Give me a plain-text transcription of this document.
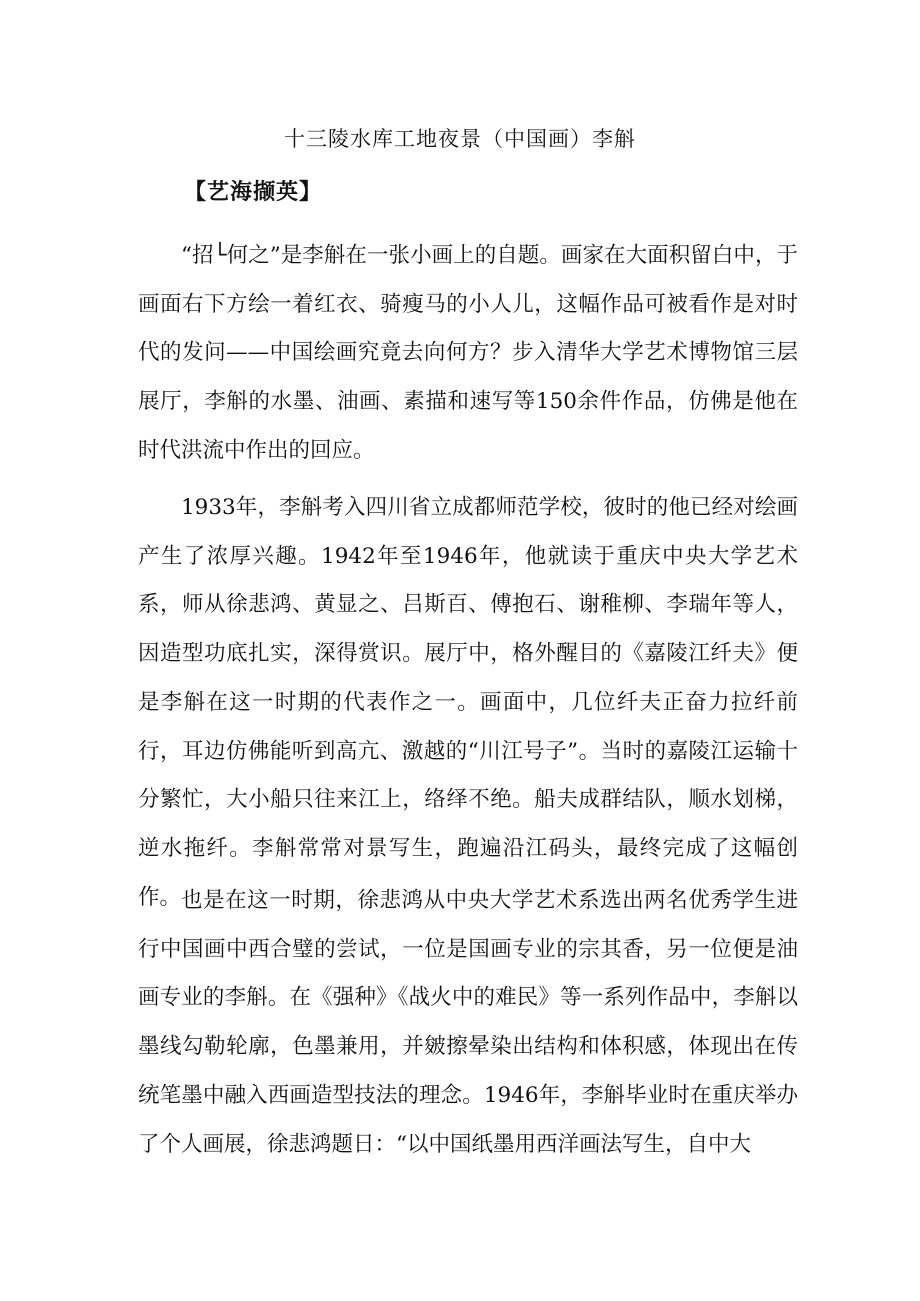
十三陵水库工地夜景（中国画）李斛
【艺海撷英】

“招└何之”是李斛在一张小画上的自题。画家在大面积留白中，于画面右下方绘一着红衣、骑瘦马的小人儿，这幅作品可被看作是对时代的发问——中国绘画究竟去向何方？步入清华大学艺术博物馆三层展厅，李斛的水墨、油画、素描和速写等150余件作品，仿佛是他在时代洪流中作出的回应。

1933年，李斛考入四川省立成都师范学校，彼时的他已经对绘画产生了浓厚兴趣。1942年至1946年，他就读于重庆中央大学艺术系，师从徐悲鸿、黄显之、吕斯百、傅抱石、谢稚柳、李瑞年等人，因造型功底扎实，深得赏识。展厅中，格外醒目的《嘉陵江纤夫》便是李斛在这一时期的代表作之一。画面中，几位纤夫正奋力拉纤前行，耳边仿佛能听到高亢、激越的“川江号子”。当时的嘉陵江运输十分繁忙，大小船只往来江上，络绎不绝。船夫成群结队，顺水划梯，逆水拖纤。李斛常常对景写生，跑遍沿江码头，最终完成了这幅创作。 也是在这一时期，徐悲鸿从中央大学艺术系选出两名优秀学生进行中国画中西合璧的尝试，一位是国画专业的宗其香，另一位便是油画专业的李斛。在《强种》《战火中的难民》等一系列作品中，李斛以墨线勾勒轮廓，色墨兼用，并皴擦晕染出结构和体积感，体现出在传统笔墨中融入西画造型技法的理念。1946年，李斛毕业时在重庆举办了个人画展，徐悲鸿题日：“以中国纸墨用西洋画法写生，自中大
